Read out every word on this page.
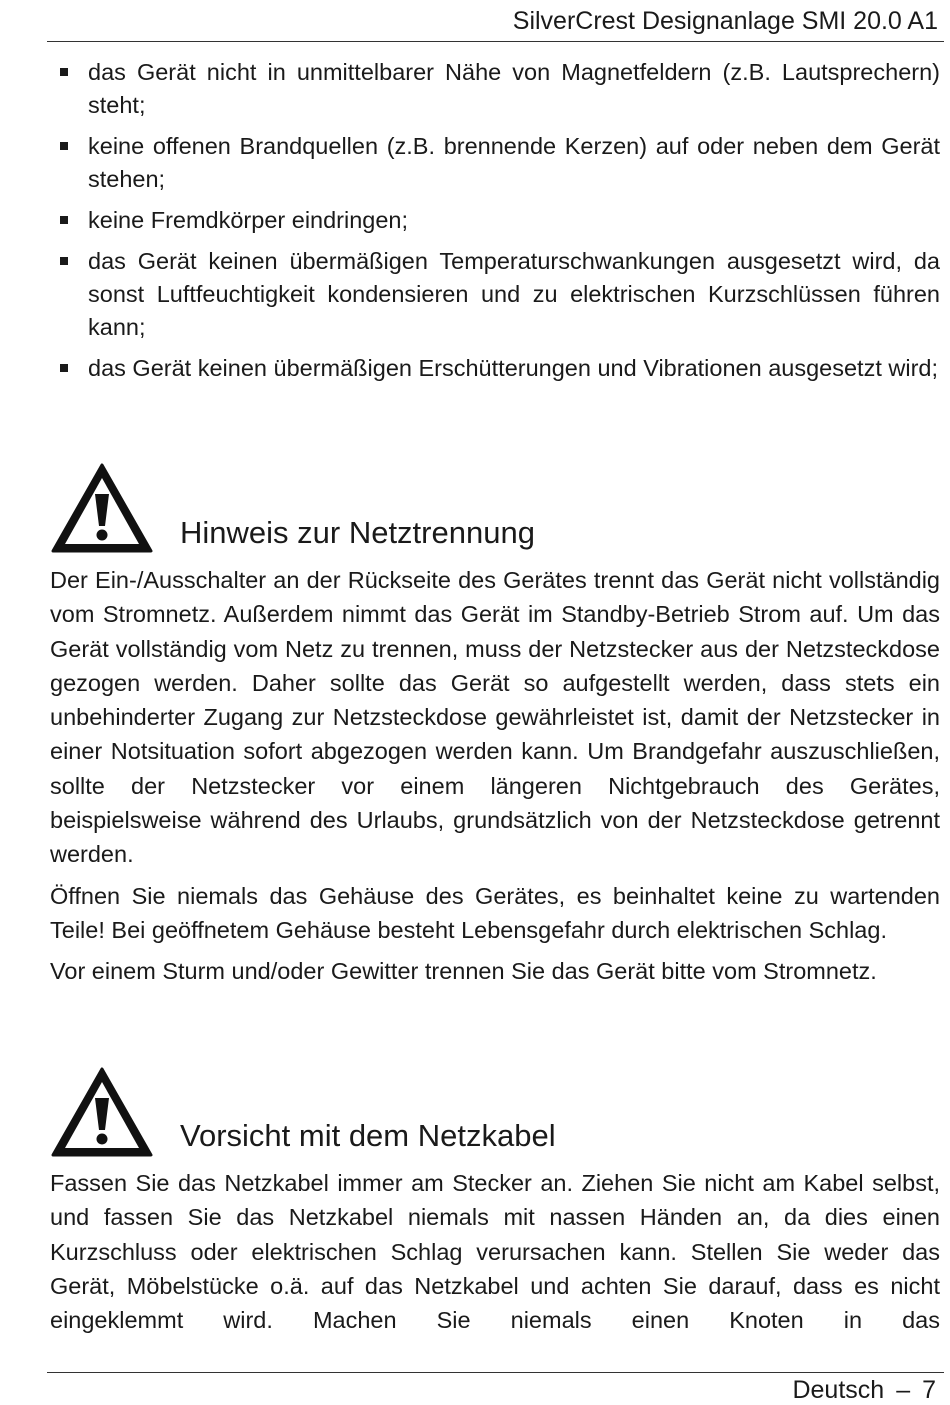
SilverCrest Designanlage SMI 20.0 A1
das Gerät nicht in unmittelbarer Nähe von Magnetfeldern (z.B. Lautsprechern) steht;
keine offenen Brandquellen (z.B. brennende Kerzen) auf oder neben dem Gerät stehen;
keine Fremdkörper eindringen;
das Gerät keinen übermäßigen Temperaturschwankungen ausgesetzt wird, da sonst Luftfeuchtigkeit kondensieren und zu elektrischen Kurzschlüssen führen kann;
das Gerät keinen übermäßigen Erschütterungen und Vibrationen ausgesetzt wird;
Hinweis zur Netztrennung

Der Ein-/Ausschalter an der Rückseite des Gerätes trennt das Gerät nicht vollständig vom Stromnetz. Außerdem nimmt das Gerät im Standby-Betrieb Strom auf. Um das Gerät vollständig vom Netz zu trennen, muss der Netzstecker aus der Netzsteckdose gezogen werden. Daher sollte das Gerät so aufgestellt werden, dass stets ein unbehinderter Zugang zur Netzsteckdose gewährleistet ist, damit der Netzstecker in einer Notsituation sofort abgezogen werden kann. Um Brandgefahr auszuschließen, sollte der Netzstecker vor einem längeren Nichtgebrauch des Gerätes, beispielsweise während des Urlaubs, grundsätzlich von der Netzsteckdose getrennt werden.

Öffnen Sie niemals das Gehäuse des Gerätes, es beinhaltet keine zu wartenden Teile! Bei geöffnetem Gehäuse besteht Lebensgefahr durch elektrischen Schlag.

Vor einem Sturm und/oder Gewitter trennen Sie das Gerät bitte vom Stromnetz.

Vorsicht mit dem Netzkabel

Fassen Sie das Netzkabel immer am Stecker an. Ziehen Sie nicht am Kabel selbst, und fassen Sie das Netzkabel niemals mit nassen Händen an, da dies einen Kurzschluss oder elektrischen Schlag verursachen kann. Stellen Sie weder das Gerät, Möbelstücke o.ä. auf das Netzkabel und achten Sie darauf, dass es nicht eingeklemmt wird. Machen Sie niemals einen Knoten in das

Deutsch – 7
